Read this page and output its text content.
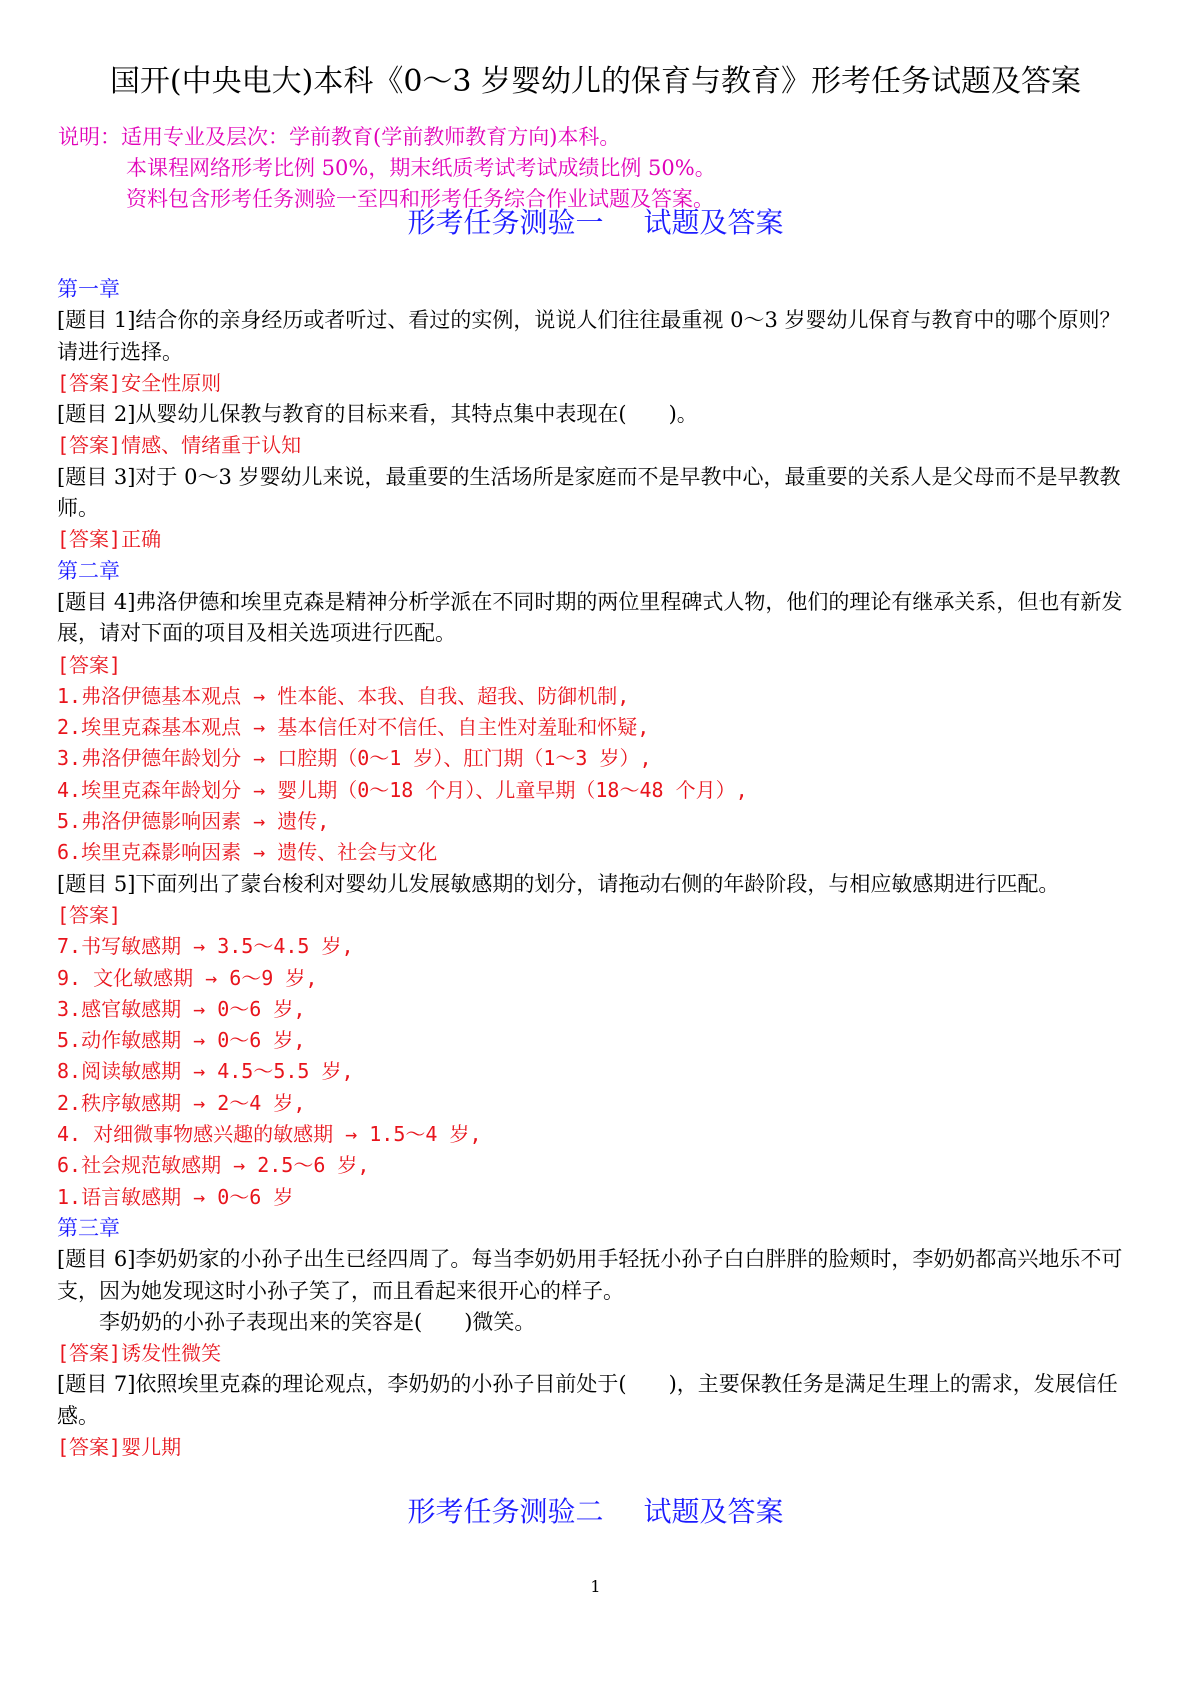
国开(中央电大)本科《0～3 岁婴幼儿的保育与教育》形考任务试题及答案
说明：适用专业及层次：学前教育(学前教师教育方向)本科。
本课程网络形考比例 50%，期末纸质考试考试成绩比例 50%。
资料包含形考任务测验一至四和形考任务综合作业试题及答案。
形考任务测验一 试题及答案
第一章
[题目 1]结合你的亲身经历或者听过、看过的实例，说说人们往往最重视 0～3 岁婴幼儿保育与教育中的哪个原则？请进行选择。
[答案]安全性原则
[题目 2]从婴幼儿保教与教育的目标来看，其特点集中表现在(　　)。
[答案]情感、情绪重于认知
[题目 3]对于 0～3 岁婴幼儿来说，最重要的生活场所是家庭而不是早教中心，最重要的关系人是父母而不是早教教师。
[答案]正确
第二章
[题目 4]弗洛伊德和埃里克森是精神分析学派在不同时期的两位里程碑式人物，他们的理论有继承关系，但也有新发展，请对下面的项目及相关选项进行匹配。
[答案]
1.弗洛伊德基本观点 → 性本能、本我、自我、超我、防御机制,
2.埃里克森基本观点 → 基本信任对不信任、自主性对羞耻和怀疑,
3.弗洛伊德年龄划分 → 口腔期（0～1 岁）、肛门期（1～3 岁）,
4.埃里克森年龄划分 → 婴儿期（0～18 个月）、儿童早期（18～48 个月）,
5.弗洛伊德影响因素 → 遗传,
6.埃里克森影响因素 → 遗传、社会与文化
[题目 5]下面列出了蒙台梭利对婴幼儿发展敏感期的划分，请拖动右侧的年龄阶段，与相应敏感期进行匹配。
[答案]
7.书写敏感期 → 3.5～4.5 岁,
9. 文化敏感期 → 6～9 岁,
3.感官敏感期 → 0～6 岁,
5.动作敏感期 → 0～6 岁,
8.阅读敏感期 → 4.5～5.5 岁,
2.秩序敏感期 → 2～4 岁,
4. 对细微事物感兴趣的敏感期 → 1.5～4 岁,
6.社会规范敏感期 → 2.5～6 岁,
1.语言敏感期 → 0～6 岁
第三章
[题目 6]李奶奶家的小孙子出生已经四周了。每当李奶奶用手轻抚小孙子白白胖胖的脸颊时，李奶奶都高兴地乐不可支，因为她发现这时小孙子笑了，而且看起来很开心的样子。
李奶奶的小孙子表现出来的笑容是(　　)微笑。
[答案]诱发性微笑
[题目 7]依照埃里克森的理论观点，李奶奶的小孙子目前处于(　　)，主要保教任务是满足生理上的需求，发展信任感。
[答案]婴儿期
形考任务测验二 试题及答案
1
